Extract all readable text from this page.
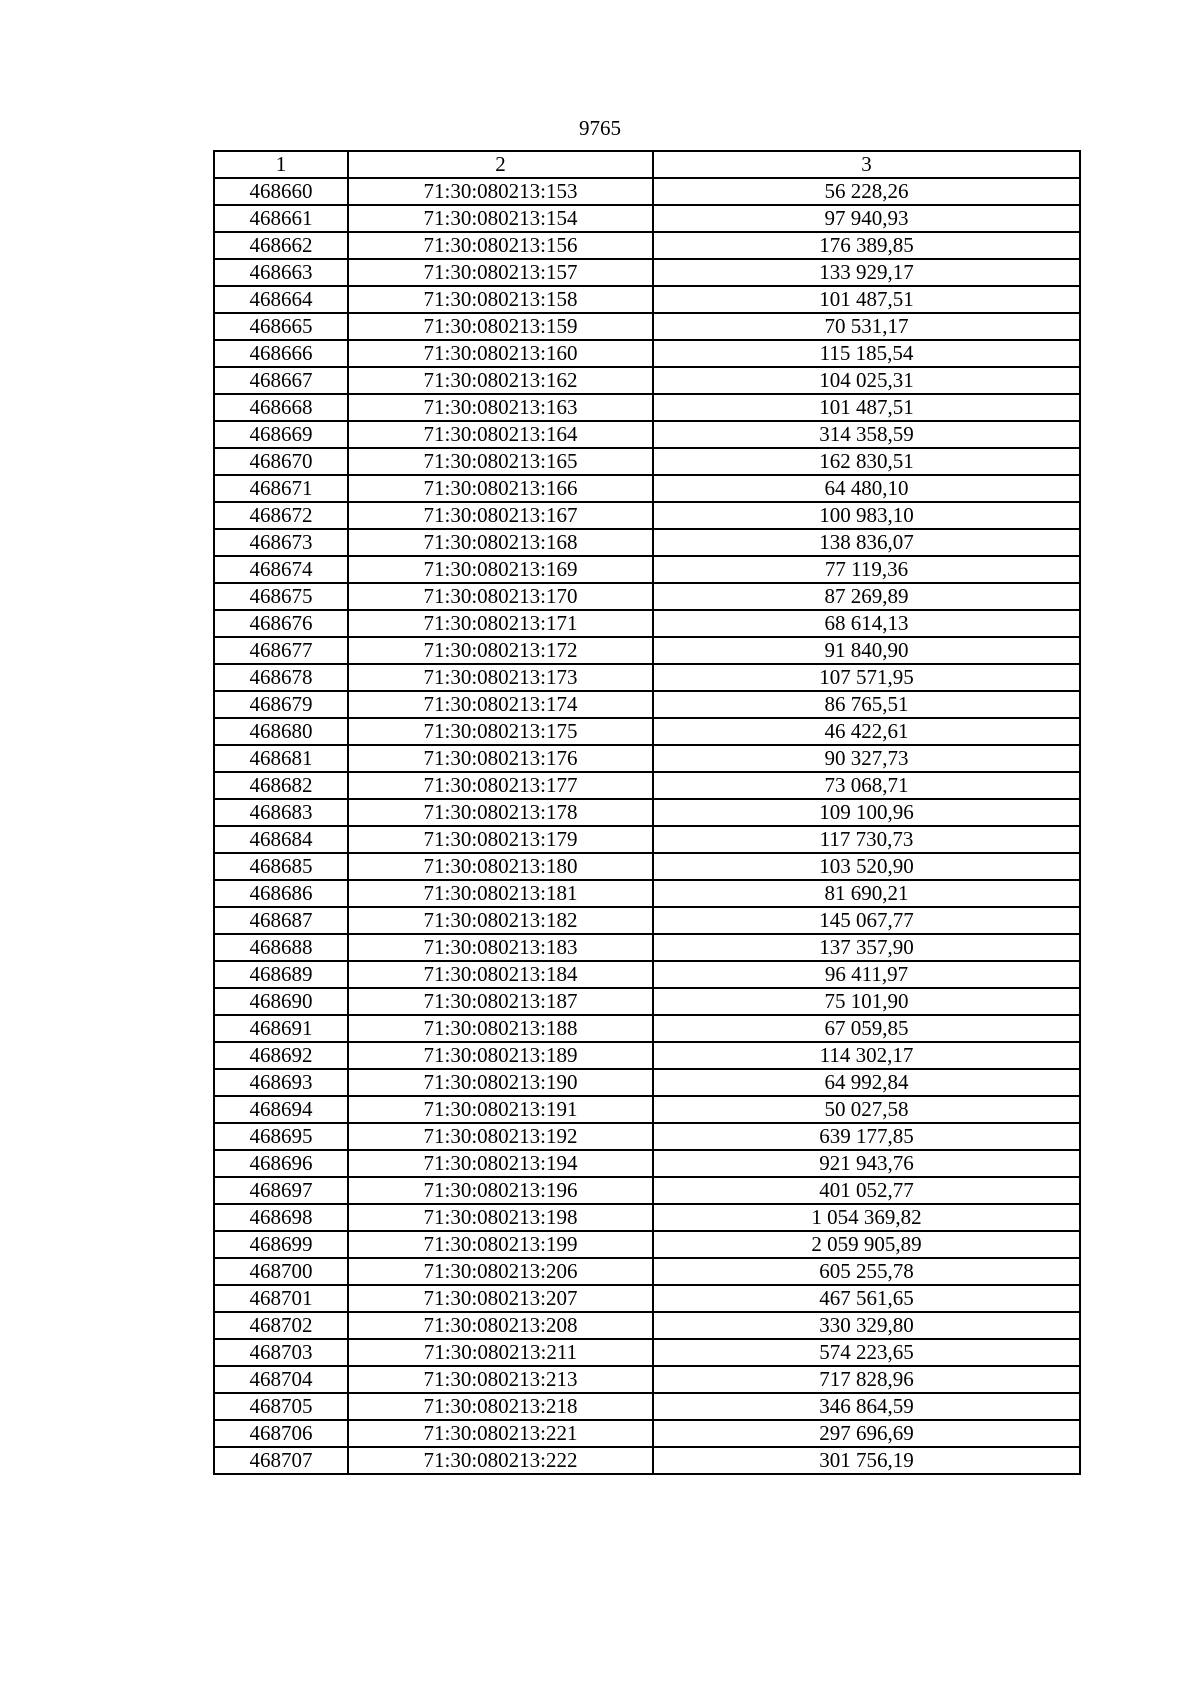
9765
1	2	3
468660	71:30:080213:153	56 228,26
468661	71:30:080213:154	97 940,93
468662	71:30:080213:156	176 389,85
468663	71:30:080213:157	133 929,17
468664	71:30:080213:158	101 487,51
468665	71:30:080213:159	70 531,17
468666	71:30:080213:160	115 185,54
468667	71:30:080213:162	104 025,31
468668	71:30:080213:163	101 487,51
468669	71:30:080213:164	314 358,59
468670	71:30:080213:165	162 830,51
468671	71:30:080213:166	64 480,10
468672	71:30:080213:167	100 983,10
468673	71:30:080213:168	138 836,07
468674	71:30:080213:169	77 119,36
468675	71:30:080213:170	87 269,89
468676	71:30:080213:171	68 614,13
468677	71:30:080213:172	91 840,90
468678	71:30:080213:173	107 571,95
468679	71:30:080213:174	86 765,51
468680	71:30:080213:175	46 422,61
468681	71:30:080213:176	90 327,73
468682	71:30:080213:177	73 068,71
468683	71:30:080213:178	109 100,96
468684	71:30:080213:179	117 730,73
468685	71:30:080213:180	103 520,90
468686	71:30:080213:181	81 690,21
468687	71:30:080213:182	145 067,77
468688	71:30:080213:183	137 357,90
468689	71:30:080213:184	96 411,97
468690	71:30:080213:187	75 101,90
468691	71:30:080213:188	67 059,85
468692	71:30:080213:189	114 302,17
468693	71:30:080213:190	64 992,84
468694	71:30:080213:191	50 027,58
468695	71:30:080213:192	639 177,85
468696	71:30:080213:194	921 943,76
468697	71:30:080213:196	401 052,77
468698	71:30:080213:198	1 054 369,82
468699	71:30:080213:199	2 059 905,89
468700	71:30:080213:206	605 255,78
468701	71:30:080213:207	467 561,65
468702	71:30:080213:208	330 329,80
468703	71:30:080213:211	574 223,65
468704	71:30:080213:213	717 828,96
468705	71:30:080213:218	346 864,59
468706	71:30:080213:221	297 696,69
468707	71:30:080213:222	301 756,19
